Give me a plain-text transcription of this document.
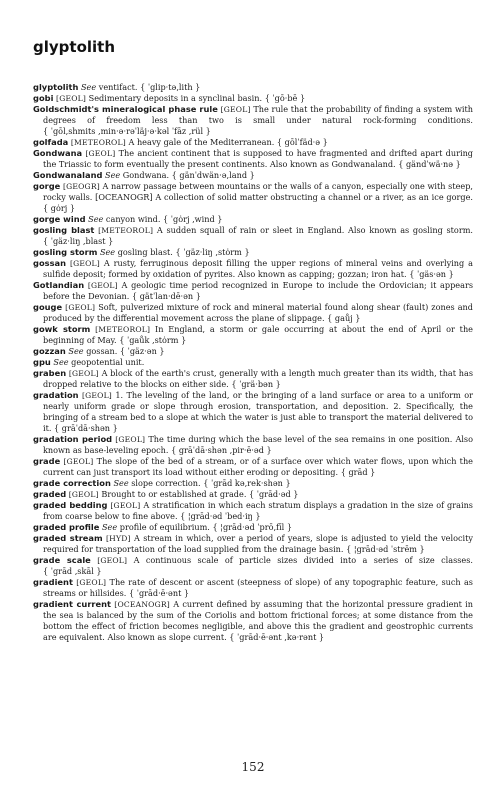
glyptolith

glyptolith See ventifact. { ˈglip·tə‚lith }

gobi [GEOL] Sedimentary deposits in a synclinal basin. { ˈgō·bē }

Goldschmidt's mineralogical phase rule [GEOL] The rule that the probability of finding a system with degrees of freedom less than two is small under natural rock-forming conditions. { ˈgōl‚shmits ‚min·ə·rəˈläj·ə·kəl ˈfāz ‚rül }

golfada [METEOROL] A heavy gale of the Mediterranean. { gōlˈfäd·ə }

Gondwana [GEOL] The ancient continent that is supposed to have fragmented and drifted apart during the Triassic to form eventually the present continents. Also known as Gondwanaland. { gändˈwä·nə }

Gondwanaland See Gondwana. { gänˈdwän·ə‚land }

gorge [GEOGR] A narrow passage between mountains or the walls of a canyon, especially one with steep, rocky walls. [OCEANOGR] A collection of solid matter obstructing a channel or a river, as an ice gorge. { gȯrj }

gorge wind See canyon wind. { ˈgȯrj ‚wind }

gosling blast [METEOROL] A sudden squall of rain or sleet in England. Also known as gosling storm. { ˈgäz·liŋ ‚blast }

gosling storm See gosling blast. { ˈgäz·liŋ ‚stȯrm }

gossan [GEOL] A rusty, ferruginous deposit filling the upper regions of mineral veins and overlying a sulfide deposit; formed by oxidation of pyrites. Also known as capping; gozzan; iron hat. { ˈgäs·ən }

Gotlandian [GEOL] A geologic time period recognized in Europe to include the Ordovician; it appears before the Devonian. { gätˈlan·dē·ən }

gouge [GEOL] Soft, pulverized mixture of rock and mineral material found along shear (fault) zones and produced by the differential movement across the plane of slippage. { gaůj }

gowk storm [METEOROL] In England, a storm or gale occurring at about the end of April or the beginning of May. { ˈgaůk ‚stȯrm }

gozzan See gossan. { ˈgäz·ən }

gpu See geopotential unit.

graben [GEOL] A block of the earth's crust, generally with a length much greater than its width, that has dropped relative to the blocks on either side. { ˈgrä·bən }

gradation [GEOL] 1. The leveling of the land, or the bringing of a land surface or area to a uniform or nearly uniform grade or slope through erosion, transportation, and deposition. 2. Specifically, the bringing of a stream bed to a slope at which the water is just able to transport the material delivered to it. { grāˈdā·shən }

gradation period [GEOL] The time during which the base level of the sea remains in one position. Also known as base-leveling epoch. { grāˈdā·shən ‚pir·ē·əd }

grade [GEOL] The slope of the bed of a stream, or of a surface over which water flows, upon which the current can just transport its load without either eroding or depositing. { grād }

grade correction See slope correction. { ˈgrād kə‚rek·shən }

graded [GEOL] Brought to or established at grade. { ˈgrād·əd }

graded bedding [GEOL] A stratification in which each stratum displays a gradation in the size of grains from coarse below to fine above. { ¦grād·əd ˈbed·iŋ }

graded profile See profile of equilibrium. { ¦grād·əd ˈprō‚fīl }

graded stream [HYD] A stream in which, over a period of years, slope is adjusted to yield the velocity required for transportation of the load supplied from the drainage basin. { ¦grād·əd ˈstrēm }

grade scale [GEOL] A continuous scale of particle sizes divided into a series of size classes. { ˈgrād ‚skāl }

gradient [GEOL] The rate of descent or ascent (steepness of slope) of any topographic feature, such as streams or hillsides. { ˈgrād·ē·ənt }

gradient current [OCEANOGR] A current defined by assuming that the horizontal pressure gradient in the sea is balanced by the sum of the Coriolis and bottom frictional forces; at some distance from the bottom the effect of friction becomes negligible, and above this the gradient and geostrophic currents are equivalent. Also known as slope current. { ˈgrād·ē·ənt ‚kə·rənt }

152
